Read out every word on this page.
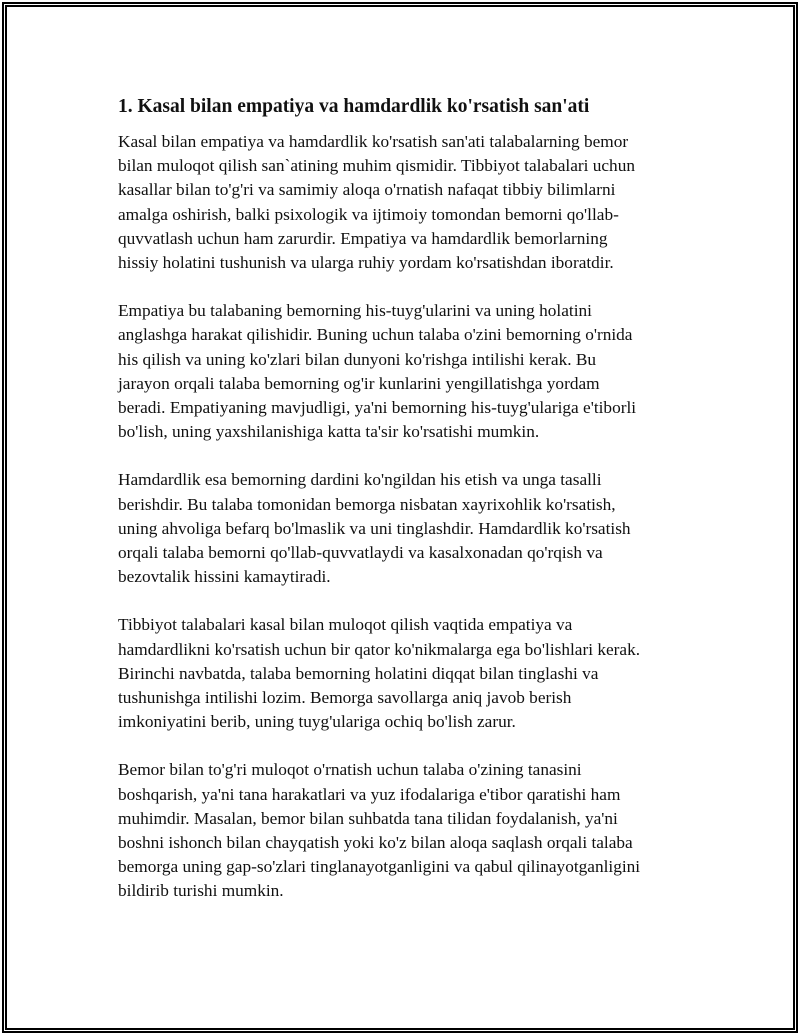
1. Kasal bilan empatiya va hamdardlik ko'rsatish san'ati

Kasal bilan empatiya va hamdardlik ko'rsatish san'ati talabalarning bemor
bilan muloqot qilish san`atining muhim qismidir. Tibbiyot talabalari uchun
kasallar bilan to'g'ri va samimiy aloqa o'rnatish nafaqat tibbiy bilimlarni
amalga oshirish, balki psixologik va ijtimoiy tomondan bemorni qo'llab-
quvvatlash uchun ham zarurdir. Empatiya va hamdardlik bemorlarning
hissiy holatini tushunish va ularga ruhiy yordam ko'rsatishdan iboratdir.

Empatiya bu talabaning bemorning his-tuyg'ularini va uning holatini
anglashga harakat qilishidir. Buning uchun talaba o'zini bemorning o'rnida
his qilish va uning ko'zlari bilan dunyoni ko'rishga intilishi kerak. Bu
jarayon orqali talaba bemorning og'ir kunlarini yengillatishga yordam
beradi. Empatiyaning mavjudligi, ya'ni bemorning his-tuyg'ulariga e'tiborli
bo'lish, uning yaxshilanishiga katta ta'sir ko'rsatishi mumkin.

Hamdardlik esa bemorning dardini ko'ngildan his etish va unga tasalli
berishdir. Bu talaba tomonidan bemorga nisbatan xayrixohlik ko'rsatish,
uning ahvoliga befarq bo'lmaslik va uni tinglashdir. Hamdardlik ko'rsatish
orqali talaba bemorni qo'llab-quvvatlaydi va kasalxonadan qo'rqish va
bezovtalik hissini kamaytiradi.

Tibbiyot talabalari kasal bilan muloqot qilish vaqtida empatiya va
hamdardlikni ko'rsatish uchun bir qator ko'nikmalarga ega bo'lishlari kerak.
Birinchi navbatda, talaba bemorning holatini diqqat bilan tinglashi va
tushunishga intilishi lozim. Bemorga savollarga aniq javob berish
imkoniyatini berib, uning tuyg'ulariga ochiq bo'lish zarur.

Bemor bilan to'g'ri muloqot o'rnatish uchun talaba o'zining tanasini
boshqarish, ya'ni tana harakatlari va yuz ifodalariga e'tibor qaratishi ham
muhimdir. Masalan, bemor bilan suhbatda tana tilidan foydalanish, ya'ni
boshni ishonch bilan chayqatish yoki ko'z bilan aloqa saqlash orqali talaba
bemorga uning gap-so'zlari tinglanayotganligini va qabul qilinayotganligini
bildirib turishi mumkin.
